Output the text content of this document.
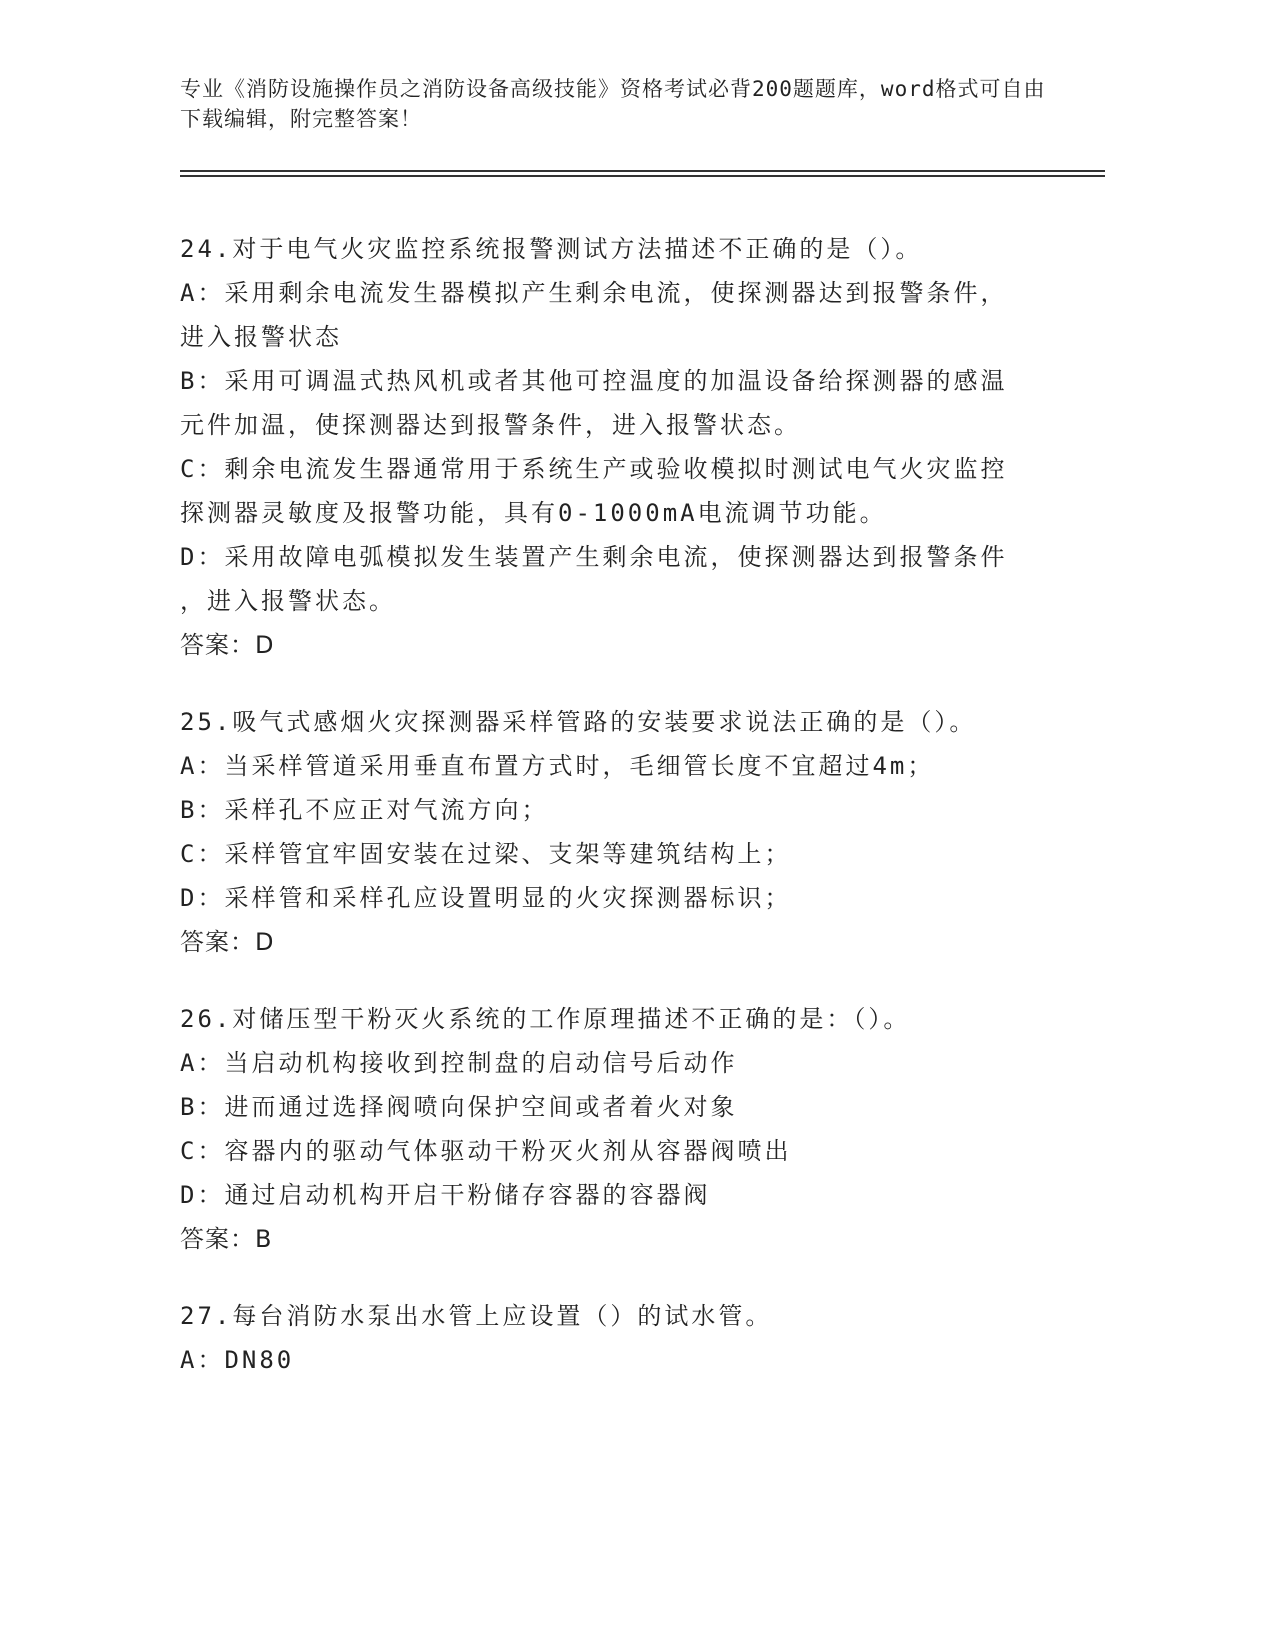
专业《消防设施操作员之消防设备高级技能》资格考试必背200题题库，word格式可自由下载编辑，附完整答案！
24.对于电气火灾监控系统报警测试方法描述不正确的是（）。
A：采用剩余电流发生器模拟产生剩余电流，使探测器达到报警条件，
进入报警状态
B：采用可调温式热风机或者其他可控温度的加温设备给探测器的感温
元件加温，使探测器达到报警条件，进入报警状态。
C：剩余电流发生器通常用于系统生产或验收模拟时测试电气火灾监控
探测器灵敏度及报警功能，具有0-1000mA电流调节功能。
D：采用故障电弧模拟发生装置产生剩余电流，使探测器达到报警条件
，进入报警状态。
答案：D
25.吸气式感烟火灾探测器采样管路的安装要求说法正确的是（）。
A：当采样管道采用垂直布置方式时，毛细管长度不宜超过4m；
B：采样孔不应正对气流方向；
C：采样管宜牢固安装在过梁、支架等建筑结构上；
D：采样管和采样孔应设置明显的火灾探测器标识；
答案：D
26.对储压型干粉灭火系统的工作原理描述不正确的是：（）。
A：当启动机构接收到控制盘的启动信号后动作
B：进而通过选择阀喷向保护空间或者着火对象
C：容器内的驱动气体驱动干粉灭火剂从容器阀喷出
D：通过启动机构开启干粉储存容器的容器阀
答案：B
27.每台消防水泵出水管上应设置（）的试水管。
A：DN80
